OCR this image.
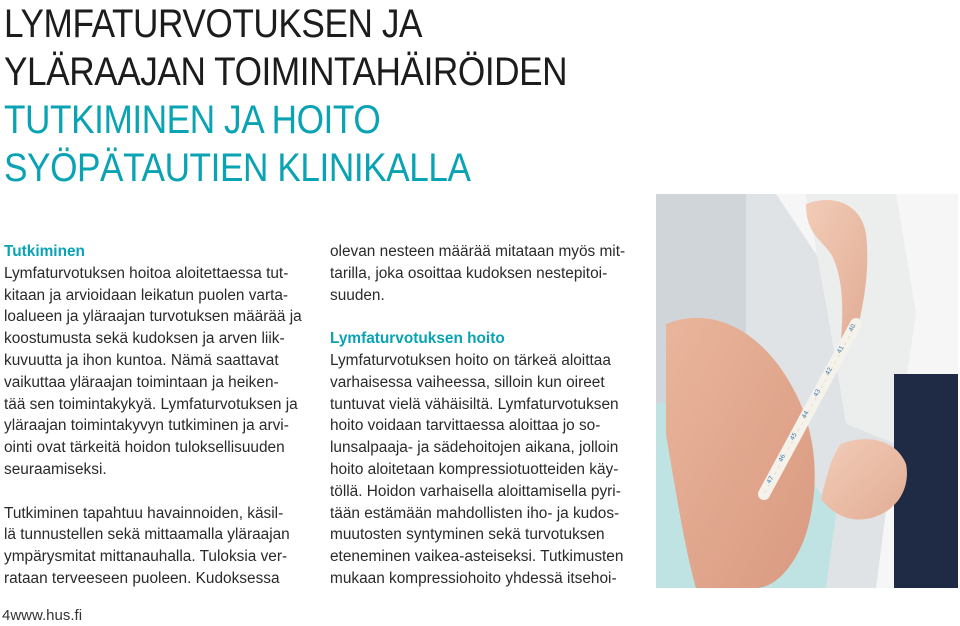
LYMFATURVOTUKSEN JA
YLÄRAAJAN TOIMINTAHÄIRÖIDEN
TUTKIMINEN JA HOITO
SYÖPÄTAUTIEN KLINIKALLA

Tutkiminen

Lymfaturvotuksen hoitoa aloitettaessa tut-

kitaan ja arvioidaan leikatun puolen varta-

loalueen ja yläraajan turvotuksen määrää ja

koostumusta sekä kudoksen ja arven liik-

kuvuutta ja ihon kuntoa. Nämä saattavat

vaikuttaa yläraajan toimintaan ja heiken-

tää sen toimintakykyä. Lymfaturvotuksen ja

yläraajan toimintakyvyn tutkiminen ja arvi-

ointi ovat tärkeitä hoidon tuloksellisuuden

seuraamiseksi.

Tutkiminen tapahtuu havainnoiden, käsil-

lä tunnustellen sekä mittaamalla yläraajan

ympärysmitat mittanauhalla. Tuloksia ver-

rataan terveeseen puoleen. Kudoksessa

olevan nesteen määrää mitataan myös mit-

tarilla, joka osoittaa kudoksen nestepitoi-

suuden.

Lymfaturvotuksen hoito

Lymfaturvotuksen hoito on tärkeä aloittaa

varhaisessa vaiheessa, silloin kun oireet

tuntuvat vielä vähäisiltä. Lymfaturvotuksen

hoito voidaan tarvittaessa aloittaa jo so-

lunsalpaaja- ja sädehoitojen aikana, jolloin

hoito aloitetaan kompressiotuotteiden käy-

töllä. Hoidon varhaisella aloittamisella pyri-

tään estämään mahdollisten iho- ja kudos-

muutosten syntyminen sekä turvotuksen

eteneminen vaikea-asteiseksi. Tutkimusten

mukaan kompressiohoito yhdessä itsehoi-

40
41
42
43
44
45
46
47
4www.hus.fi
